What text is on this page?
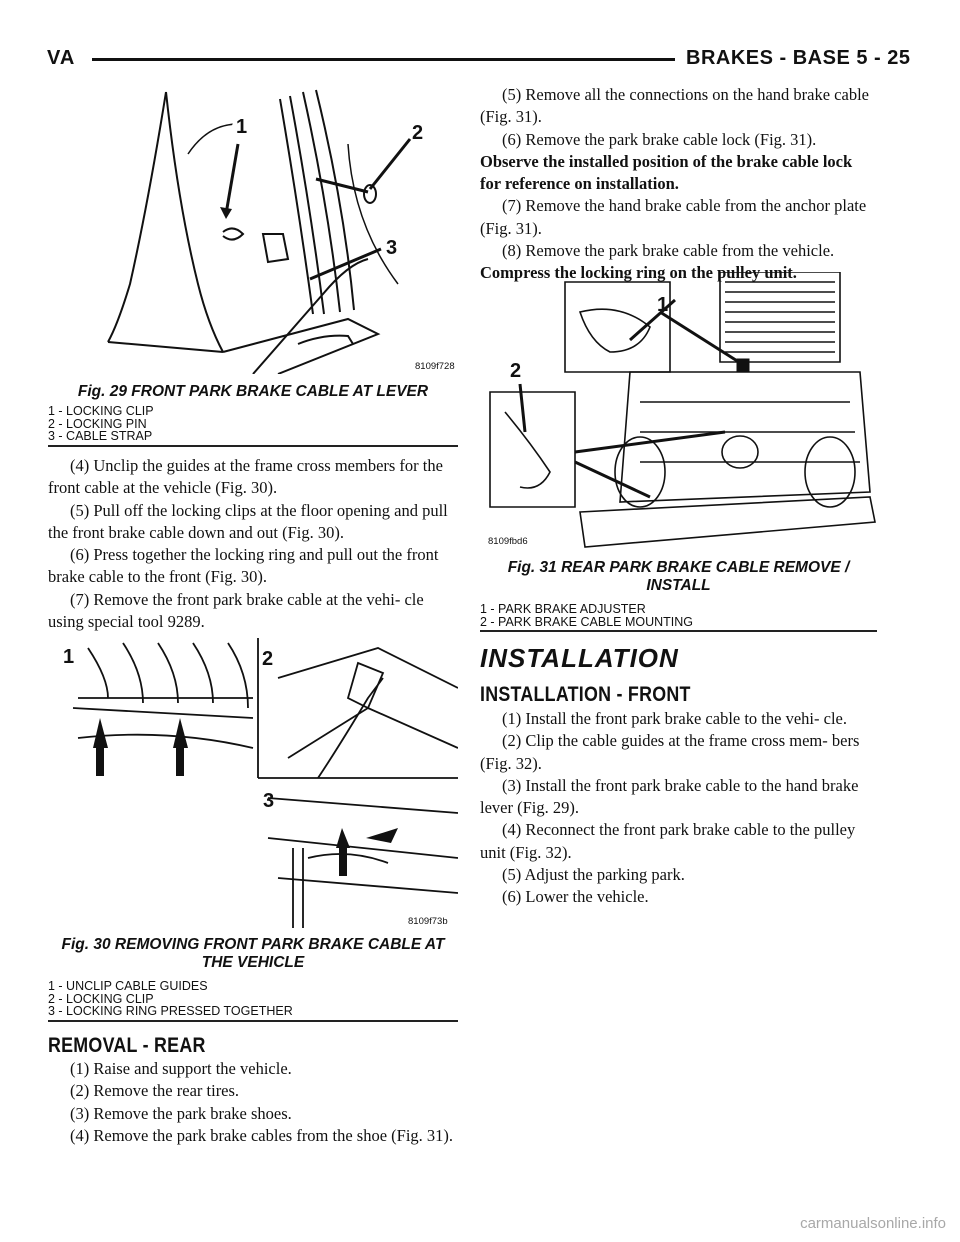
VA	BRAKES - BASE 5 - 25
1	2
3
8109f728
Fig. 29 FRONT PARK BRAKE CABLE AT LEVER
1 - LOCKING CLIP
2 - LOCKING PIN
3 - CABLE STRAP

(4) Unclip the guides at the frame cross members for the front cable at the vehicle (Fig. 30).

(5) Pull off the locking clips at the floor opening and pull the front brake cable down and out (Fig. 30).

(6) Press together the locking ring and pull out the front brake cable to the front (Fig. 30).

(7) Remove the front park brake cable at the vehi- cle using special tool 9289.

1	2
3
8109f73b
Fig. 30 REMOVING FRONT PARK BRAKE CABLE AT
THE VEHICLE
1 - UNCLIP CABLE GUIDES
2 - LOCKING CLIP
3 - LOCKING RING PRESSED TOGETHER
REMOVAL - REAR

(1) Raise and support the vehicle.

(2) Remove the rear tires.

(3) Remove the park brake shoes.

(4) Remove the park brake cables from the shoe (Fig. 31).

(5) Remove all the connections on the hand brake cable (Fig. 31).

(6) Remove the park brake cable lock (Fig. 31).

Observe the installed position of the brake cable lock for reference on installation.

(7) Remove the hand brake cable from the anchor plate (Fig. 31).

(8) Remove the park brake cable from the vehicle.

Compress the locking ring on the pulley unit.

1
2
8109fbd6
Fig. 31 REAR PARK BRAKE CABLE REMOVE /
INSTALL
1 - PARK BRAKE ADJUSTER
2 - PARK BRAKE CABLE MOUNTING
INSTALLATION
INSTALLATION - FRONT

(1) Install the front park brake cable to the vehi- cle.

(2) Clip the cable guides at the frame cross mem- bers (Fig. 32).

(3) Install the front park brake cable to the hand brake lever (Fig. 29).

(4) Reconnect the front park brake cable to the pulley unit (Fig. 32).

(5) Adjust the parking park.

(6) Lower the vehicle.

carmanualsonline.info
